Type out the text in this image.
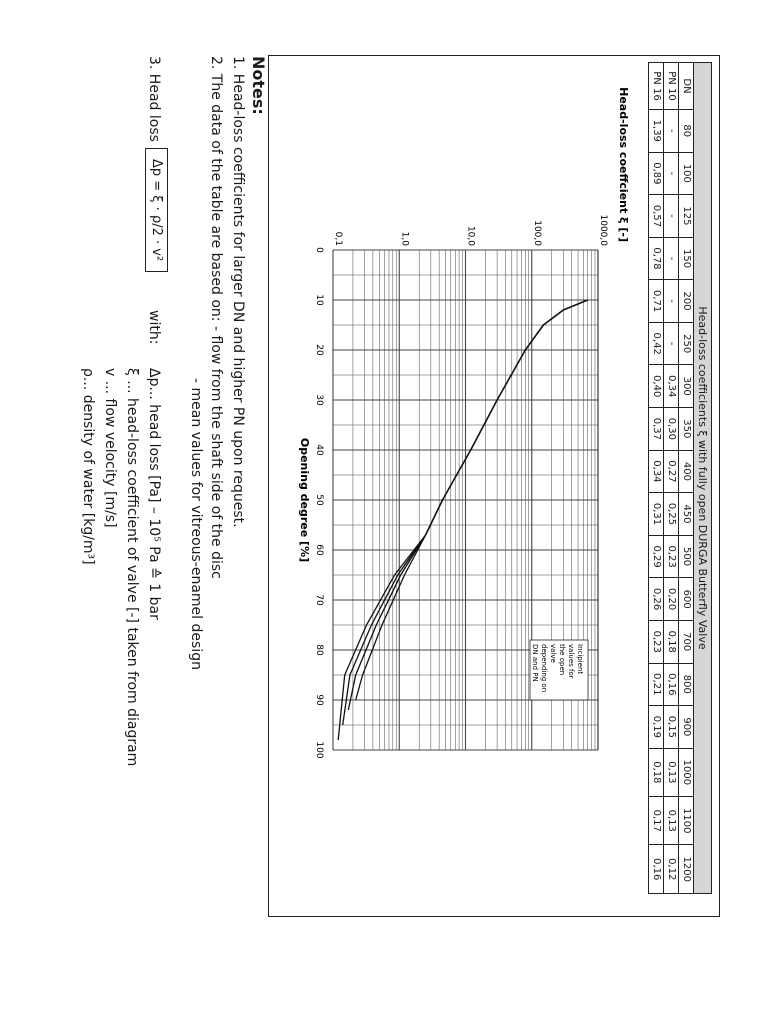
Head-loss coefficients ξ with fully open DURGA Butterfly Valve
DN	80	100	125	150	200	250	300	350	400	450	500	600	700	800	900	1000	1100	1200
PN 10	-	-	-	-	-	-	0,34	0,30	0,27	0,25	0,23	0,20	0,18	0,16	0,15	0,13	0,13	0,12
PN 16	1,39	0,89	0,57	0,78	0,71	0,42	0,40	0,37	0,34	0,31	0,29	0,26	0,23	0,21	0,19	0,18	0,17	0,16
0
10
20
30
40
50
60
70
80
90
100
0,1	1,0	10,0	100,0	1000,0 Head-loss coeffcient ξ [-]
Opening degree [%]
Incipientvalues forthe openvalvedepending onDN and PN
Notes:
1. Head-loss coefficients for larger DN and higher PN upon request.
2. The data of the table are based on: - flow from the shaft side of the disc
- mean values for vitreous-enamel design
3. Head loss
Δp = ξ · ρ/2 · v²
with:
Δp... head loss [Pa] – 10⁵ Pa ≙ 1 bar
ξ ... head-loss coefficient of valve [-] taken from diagram
v ... flow velocity [m/s]
ρ... density of water [kg/m³]
